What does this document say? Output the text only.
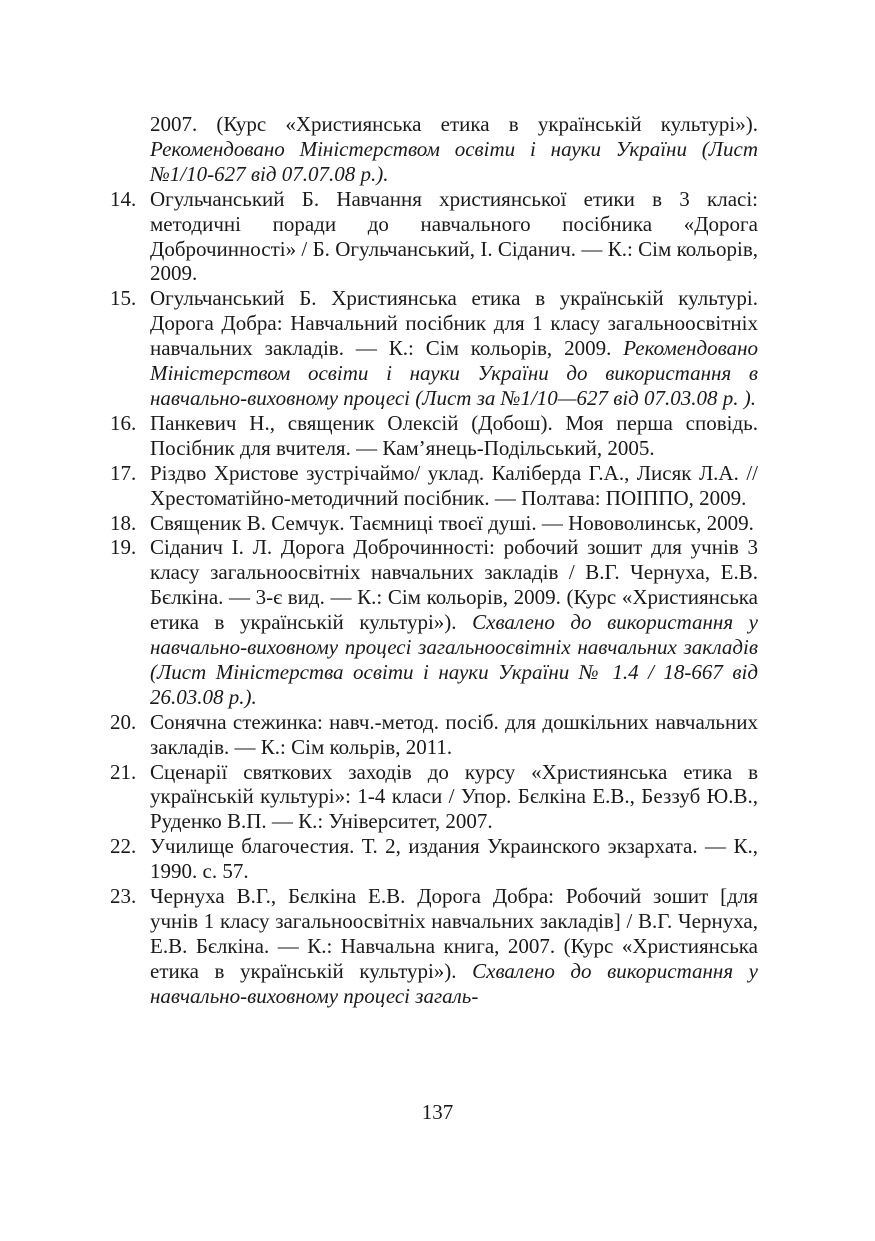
2007. (Курс «Християнська етика в українській культурі»). Рекомендовано Міністерством освіти і науки України (Лист №1/10-627 від 07.07.08 р.).
14. Огульчанський Б. Навчання християнської етики в 3 класі: методичні поради до навчального посібника «Дорога Доброчинності» / Б. Огульчанський, І. Сіданич. — К.: Сім кольорів, 2009.
15. Огульчанський Б. Християнська етика в українській культурі. Дорога Добра: Навчальний посібник для 1 класу загальноосвітніх навчальних закладів. — К.: Сім кольорів, 2009. Рекомендовано Міністерством освіти і науки України до використання в навчально-виховному процесі (Лист за №1/10—627 від 07.03.08 р. ).
16. Панкевич Н., священик Олексій (Добош). Моя перша сповідь. Посібник для вчителя. — Кам’янець-Подільський, 2005.
17. Різдво Христове зустрічаймо/ уклад. Каліберда Г.А., Лисяк Л.А. // Хрестоматійно-методичний посібник. — Полтава: ПОІППО, 2009.
18. Священик В. Семчук. Таємниці твоєї душі. — Нововолинськ, 2009.
19. Сіданич І. Л. Дорога Доброчинності: робочий зошит для учнів 3 класу загальноосвітніх навчальних закладів / В.Г. Чернуха, Е.В. Бєлкіна. — 3-є вид. — К.: Сім кольорів, 2009. (Курс «Християнська етика в українській культурі»). Схвалено до використання у навчально-виховному процесі загальноосвітніх навчальних закладів (Лист Міністерства освіти і науки України № 1.4 / 18-667 від 26.03.08 р.).
20. Сонячна стежинка: навч.-метод. посіб. для дошкільних навчальних закладів. — К.: Сім кольрів, 2011.
21. Сценарії святкових заходів до курсу «Християнська етика в українській культурі»: 1-4 класи / Упор. Бєлкіна Е.В., Беззуб Ю.В., Руденко В.П. — К.: Університет, 2007.
22. Училище благочестия. Т. 2, издания Украинского экзархата. — К., 1990. с. 57.
23. Чернуха В.Г., Бєлкіна Е.В. Дорога Добра: Робочий зошит [для учнів 1 класу загальноосвітніх навчальних закладів] / В.Г. Чернуха, Е.В. Бєлкіна. — К.: Навчальна книга, 2007. (Курс «Християнська етика в українській культурі»). Схвалено до використання у навчально-виховному процесі загаль-
137
